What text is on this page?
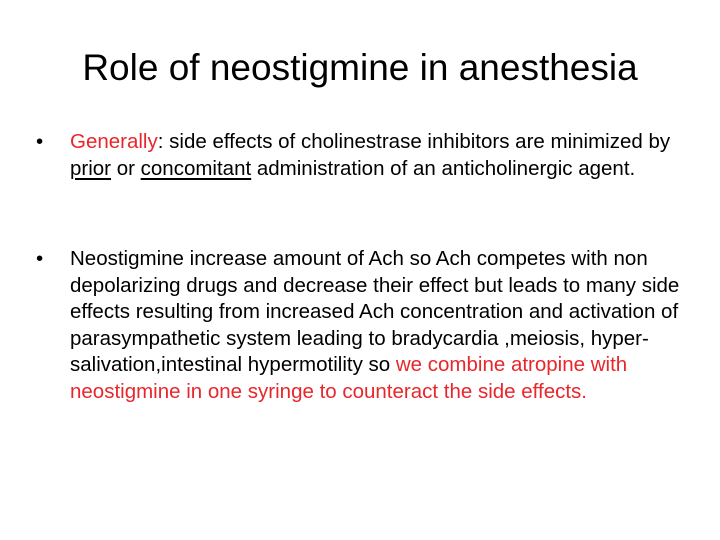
Role of neostigmine in anesthesia
•	Generally: side effects of cholinestrase inhibitors are minimized by prior or concomitant administration of an anticholinergic agent.
•	Neostigmine increase amount of Ach so Ach competes with non depolarizing drugs and decrease their effect but leads to many side effects resulting from increased Ach concentration and activation of parasympathetic system leading to bradycardia ,meiosis, hyper-salivation,intestinal hypermotility so we combine atropine with neostigmine in one syringe to counteract the side effects.
